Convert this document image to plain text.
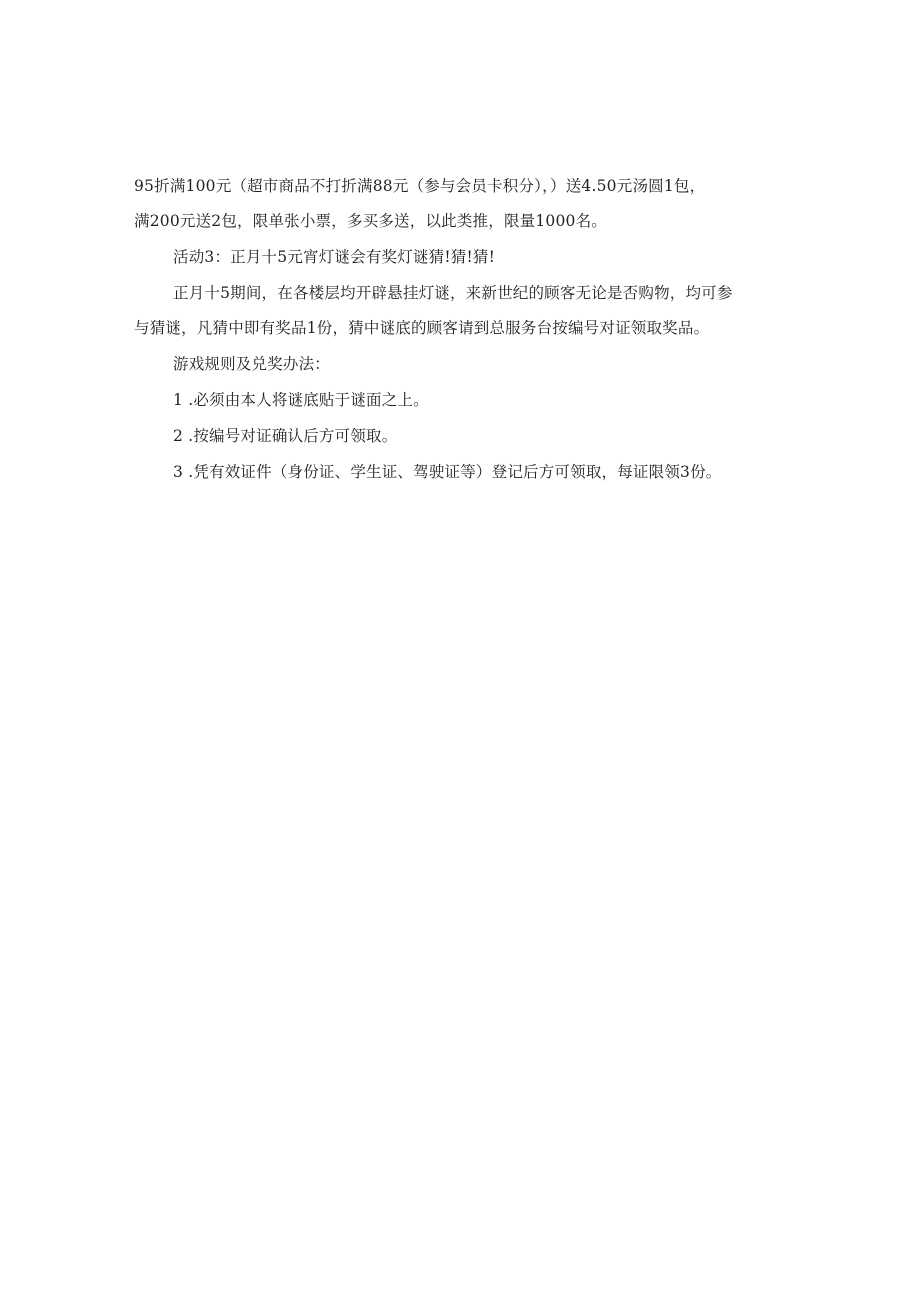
95折满100元（超市商品不打折满88元（参与会员卡积分），）送4.50元汤圆1包，
满200元送2包，限单张小票，多买多送，以此类推，限量1000名。
活动3：正月十5元宵灯谜会有奖灯谜猜!猜!猜!
正月十5期间，在各楼层均开辟悬挂灯谜，来新世纪的顾客无论是否购物，均可参
与猜谜，凡猜中即有奖品1份，猜中谜底的顾客请到总服务台按编号对证领取奖品。
游戏规则及兑奖办法：
1 .必须由本人将谜底贴于谜面之上。
2 .按编号对证确认后方可领取。
3 .凭有效证件（身份证、学生证、驾驶证等）登记后方可领取，每证限领3份。
